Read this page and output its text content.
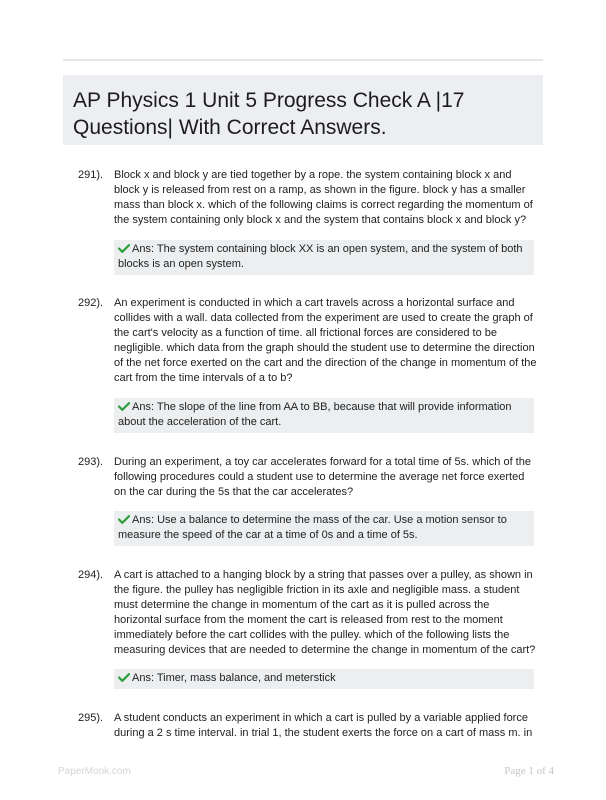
AP Physics 1 Unit 5 Progress Check A |17 Questions| With Correct Answers.
291). Block x and block y are tied together by a rope. the system containing block x and block y is released from rest on a ramp, as shown in the figure. block y has a smaller mass than block x. which of the following claims is correct regarding the momentum of the system containing only block x and the system that contains block x and block y?

Ans: The system containing block XX is an open system, and the system of both blocks is an open system.
292). An experiment is conducted in which a cart travels across a horizontal surface and collides with a wall. data collected from the experiment are used to create the graph of the cart's velocity as a function of time. all frictional forces are considered to be negligible. which data from the graph should the student use to determine the direction of the net force exerted on the cart and the direction of the change in momentum of the cart from the time intervals of a to b?

Ans: The slope of the line from AA to BB, because that will provide information about the acceleration of the cart.
293). During an experiment, a toy car accelerates forward for a total time of 5s. which of the following procedures could a student use to determine the average net force exerted on the car during the 5s that the car accelerates?

Ans: Use a balance to determine the mass of the car. Use a motion sensor to measure the speed of the car at a time of 0s and a time of 5s.
294). A cart is attached to a hanging block by a string that passes over a pulley, as shown in the figure. the pulley has negligible friction in its axle and negligible mass. a student must determine the change in momentum of the cart as it is pulled across the horizontal surface from the moment the cart is released from rest to the moment immediately before the cart collides with the pulley. which of the following lists the measuring devices that are needed to determine the change in momentum of the cart?

Ans: Timer, mass balance, and meterstick
295). A student conducts an experiment in which a cart is pulled by a variable applied force during a 2 s time interval. in trial 1, the student exerts the force on a cart of mass m. in

PaperMonk.com	Page 1 of 4
